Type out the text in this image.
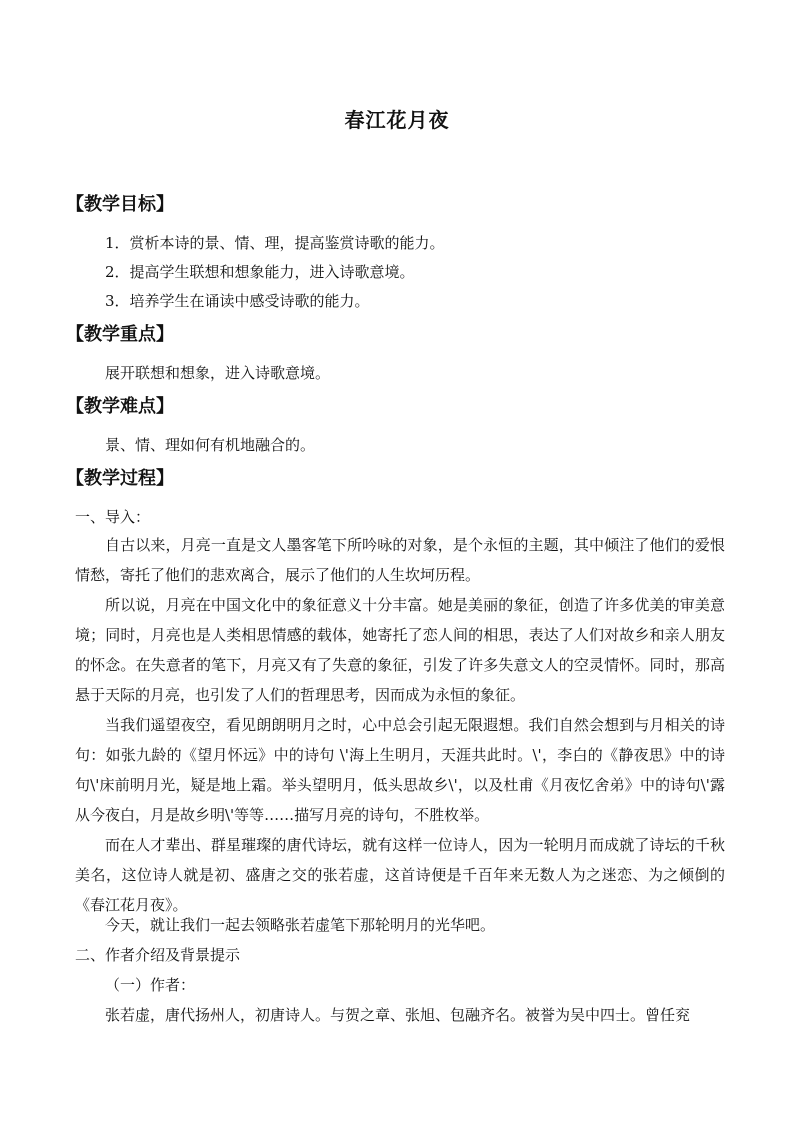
春江花月夜
【教学目标】
1．赏析本诗的景、情、理，提高鉴赏诗歌的能力。
2．提高学生联想和想象能力，进入诗歌意境。
3．培养学生在诵读中感受诗歌的能力。
【教学重点】
展开联想和想象，进入诗歌意境。
【教学难点】
景、情、理如何有机地融合的。
【教学过程】
一、导入：
自古以来，月亮一直是文人墨客笔下所吟咏的对象，是个永恒的主题，其中倾注了他们的爱恨情愁，寄托了他们的悲欢离合，展示了他们的人生坎坷历程。
所以说，月亮在中国文化中的象征意义十分丰富。她是美丽的象征，创造了许多优美的审美意境；同时，月亮也是人类相思情感的载体，她寄托了恋人间的相思，表达了人们对故乡和亲人朋友的怀念。在失意者的笔下，月亮又有了失意的象征，引发了许多失意文人的空灵情怀。同时，那高悬于天际的月亮，也引发了人们的哲理思考，因而成为永恒的象征。
当我们遥望夜空，看见朗朗明月之时，心中总会引起无限遐想。我们自然会想到与月相关的诗句：如张九龄的《望月怀远》中的诗句 \'海上生明月，天涯共此时。\'，李白的《静夜思》中的诗句\'床前明月光，疑是地上霜。举头望明月，低头思故乡\'，以及杜甫《月夜忆舍弟》中的诗句\'露从今夜白，月是故乡明\'等等……描写月亮的诗句，不胜枚举。
而在人才辈出、群星璀璨的唐代诗坛，就有这样一位诗人，因为一轮明月而成就了诗坛的千秋美名，这位诗人就是初、盛唐之交的张若虚，这首诗便是千百年来无数人为之迷恋、为之倾倒的《春江花月夜》。
今天，就让我们一起去领略张若虚笔下那轮明月的光华吧。
二、作者介绍及背景提示
（一）作者：
张若虚，唐代扬州人，初唐诗人。与贺之章、张旭、包融齐名。被誉为吴中四士。曾任兖
